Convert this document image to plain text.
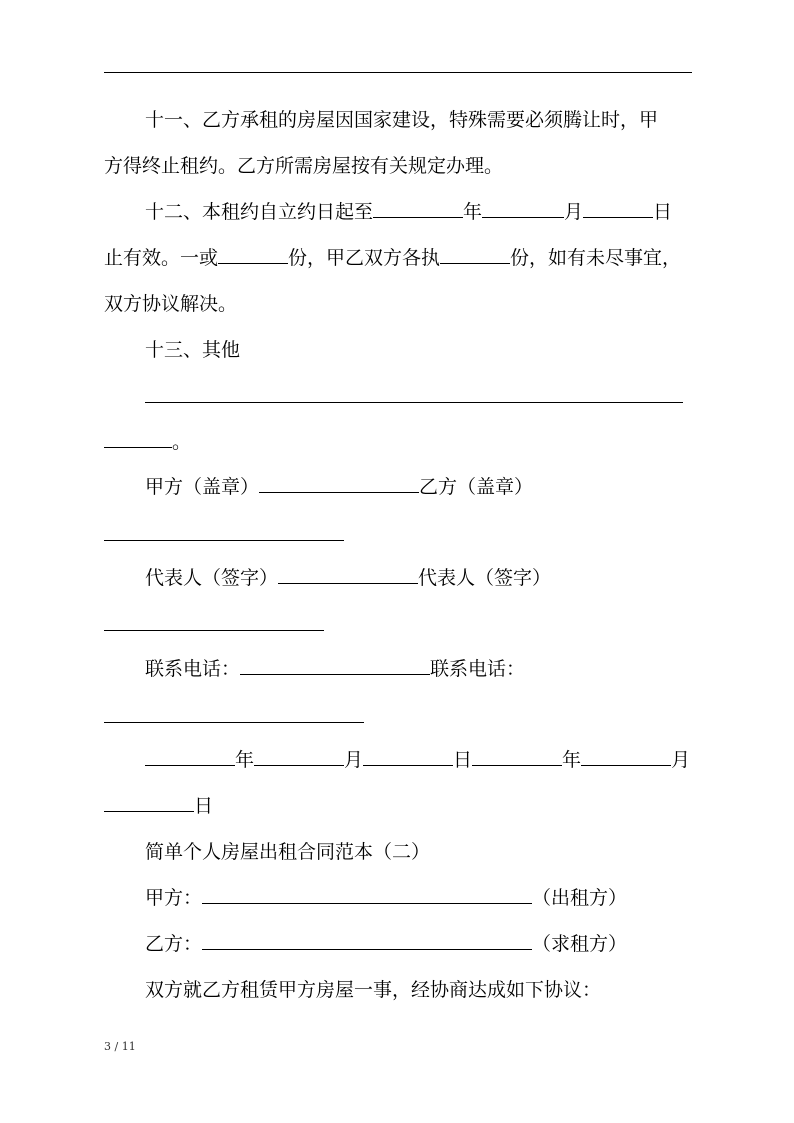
十一、乙方承租的房屋因国家建设，特殊需要必须腾让时，甲
方得终止租约。乙方所需房屋按有关规定办理。
十二、本租约自立约日起至	年	月	日
止有效。一或	份，甲乙双方各执	份，如有未尽事宜，
双方协议解决。
十三、其他
。
甲方（盖章）	乙方（盖章）
代表人（签字）	代表人（签字）
联系电话：	联系电话：
年	月	日	年	月
日
简单个人房屋出租合同范本（二）
甲方：	（出租方）
乙方：	（求租方）
双方就乙方租赁甲方房屋一事，经协商达成如下协议：
3 / 11
